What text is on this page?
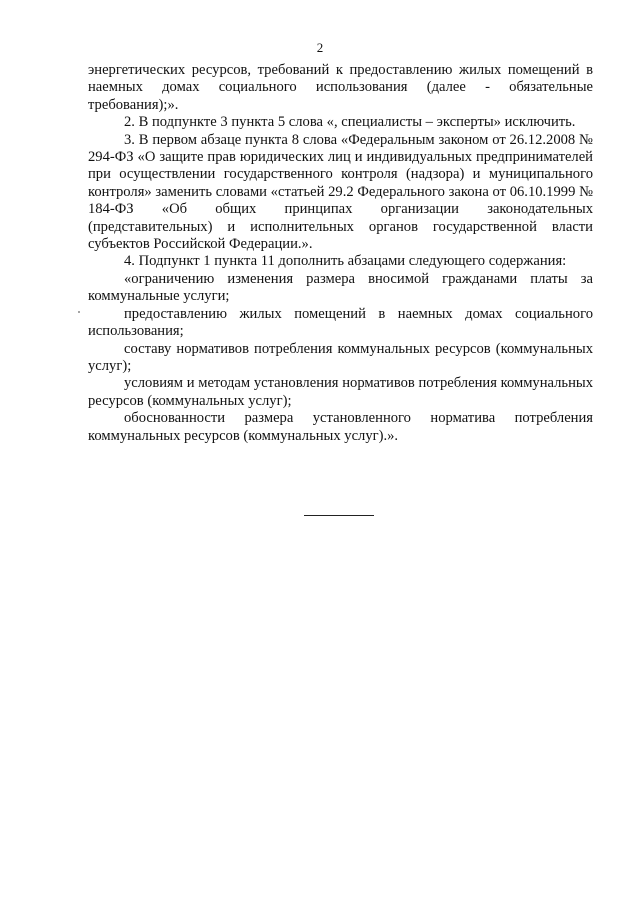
2

энергетических ресурсов, требований к предоставлению жилых помещений в наемных домах социального использования (далее - обязательные требования);».

2. В подпункте 3 пункта 5 слова «, специалисты – эксперты» исключить.

3. В первом абзаце пункта 8 слова «Федеральным законом от 26.12.2008 № 294-ФЗ «О защите прав юридических лиц и индивидуальных предпринимателей при осуществлении государственного контроля (надзора) и муниципального контроля» заменить словами «статьей 29.2 Федерального закона от 06.10.1999 № 184-ФЗ «Об общих принципах организации законодательных (представительных) и исполнительных органов государственной власти субъектов Российской Федерации.».

4. Подпункт 1 пункта 11 дополнить абзацами следующего содержания:

«ограничению изменения размера вносимой гражданами платы за коммунальные услуги;

предоставлению жилых помещений в наемных домах социального использования;

составу нормативов потребления коммунальных ресурсов (коммунальных услуг);

условиям и методам установления нормативов потребления коммунальных ресурсов (коммунальных услуг);

обоснованности размера установленного норматива потребления коммунальных ресурсов (коммунальных услуг).».
